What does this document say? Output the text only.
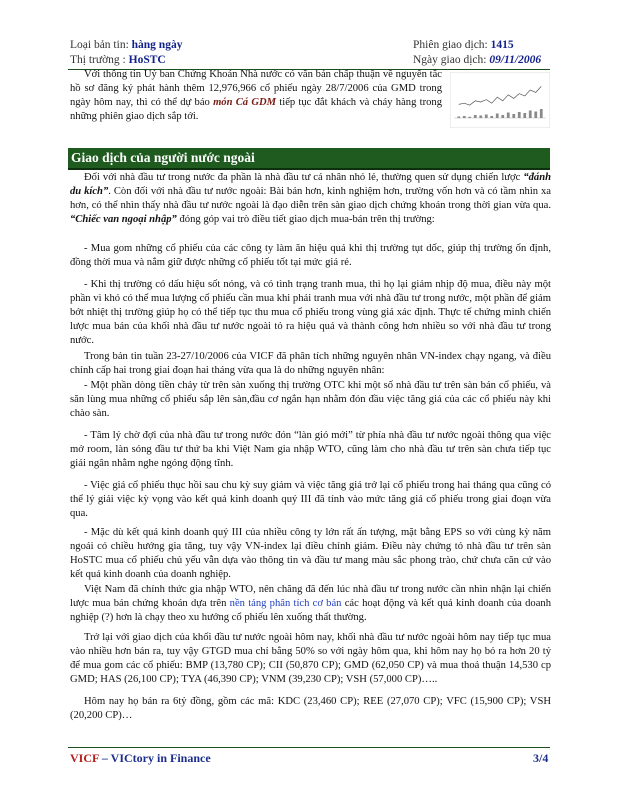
Loại bản tin: hàng ngày
Thị trường : HoSTC
Phiên giao dịch: 1415
Ngày giao dịch: 09/11/2006

Với thông tin Uỷ ban Chứng Khoán Nhà nước có văn bản chấp thuận về nguyên tắc hồ sơ đăng ký phát hành thêm 12,976,966 cổ phiếu ngày 28/7/2006 của GMD trong ngày hôm nay, thì có thể dự báo món Cá GDM tiếp tục đắt khách và cháy hàng trong những phiên giao dịch sắp tới.

Giao dịch của người nước ngoài

Đối với nhà đầu tư trong nước đa phần là nhà đầu tư cá nhân nhỏ lẻ, thường quen sử dụng chiến lược “đánh du kích”. Còn đối với nhà đầu tư nước ngoài: Bài bản hơn, kinh nghiệm hơn, trường vốn hơn và có tầm nhìn xa hơn, có thể nhìn thấy nhà đầu tư nước ngoài là đạo diễn trên sàn giao dịch chứng khoán trong thời gian vừa qua. “Chiếc van ngoại nhập” đóng góp vai trò điều tiết giao dịch mua-bán trên thị trường:

- Mua gom những cổ phiếu của các công ty làm ăn hiệu quả khi thị trường tụt dốc, giúp thị trường ổn định, đồng thời mua và nắm giữ được những cổ phiếu tốt tại mức giá rẻ.

- Khi thị trường có dấu hiệu sốt nóng, và có tình trạng tranh mua, thì họ lại giảm nhịp độ mua, điều này một phần vì khó có thể mua lượng cổ phiếu cần mua khi phải tranh mua với nhà đầu tư trong nước, một phần để giảm bớt nhiệt thị trường giúp họ có thể tiếp tục thu mua cổ phiếu trong vùng giá xác định. Thực tế chứng minh chiến lược mua bán của khối nhà đầu tư nước ngoài tỏ ra hiệu quả và thành công hơn nhiều so với nhà đầu tư trong nước.

Trong bản tin tuần 23-27/10/2006 của VICF đã phân tích những nguyên nhân VN-index chạy ngang, và điều chỉnh cấp hai trong giai đoạn hai tháng vừa qua là do những nguyên nhân:

- Một phần dòng tiền chảy từ trên sàn xuống thị trường OTC khi một số nhà đầu tư trên sàn bán cổ phiếu, và săn lùng mua những cổ phiếu sắp lên sàn,đầu cơ ngắn hạn nhằm đón đầu việc tăng giá của các cổ phiếu này khi chào sàn.

- Tâm lý chờ đợi của nhà đầu tư trong nước đón “làn gió mới” từ phía nhà đầu tư nước ngoài thông qua việc mở room, làn sóng đầu tư thứ ba khi Việt Nam gia nhập WTO, cũng làm cho nhà đầu tư trên sàn chưa tiếp tục giải ngân nhằm nghe ngóng động tĩnh.

- Việc giá cổ phiếu thục hồi sau chu kỳ suy giảm và việc tăng giá trở lại cổ phiếu trong hai tháng qua cũng có thể lý giải việc kỳ vọng vào kết quả kinh doanh quý III đã tính vào mức tăng giá cổ phiếu trong giai đoạn vừa qua.

- Mặc dù kết quả kinh doanh quý III của nhiều công ty lớn rất ấn tượng, mặt bằng EPS so với cùng kỳ năm ngoái có chiều hướng gia tăng, tuy vậy VN-index lại điều chỉnh giảm. Điều này chứng tỏ nhà đầu tư trên sàn HoSTC mua cổ phiếu chủ yếu vẫn dựa vào thông tin và đầu tư mang màu sắc phong trào, chứ chưa căn cứ vào kết quả kinh doanh của doanh nghiệp.

Việt Nam đã chính thức gia nhập WTO, nên chăng đã đến lúc nhà đầu tư trong nước cần nhìn nhận lại chiến lược mua bán chứng khoán dựa trên nền tảng phân tích cơ bản các hoạt động và kết quả kinh doanh của doanh nghiệp (?) hơn là chạy theo xu hướng cổ phiếu lên xuống thất thường.

Trở lại với giao dịch của khối đầu tư nước ngoài hôm nay, khối nhà đầu tư nước ngoài hôm nay tiếp tục mua vào nhiều hơn bán ra, tuy vậy GTGD mua chỉ bằng 50% so với ngày hôm qua, khi hôm nay họ bỏ ra hơn 20 tỷ để mua gom các cổ phiếu: BMP (13,780 CP); CII (50,870 CP); GMD (62,050 CP) và mua thoả thuận 14,530 cp GMD; HAS (26,100 CP); TYA (46,390 CP); VNM (39,230 CP); VSH (57,000 CP)…..

Hôm nay họ bán ra 6tỷ đồng, gồm các mã: KDC (23,460 CP); REE (27,070 CP); VFC (15,900 CP); VSH (20,200 CP)…

VICF – VICtory in Finance	3/4
